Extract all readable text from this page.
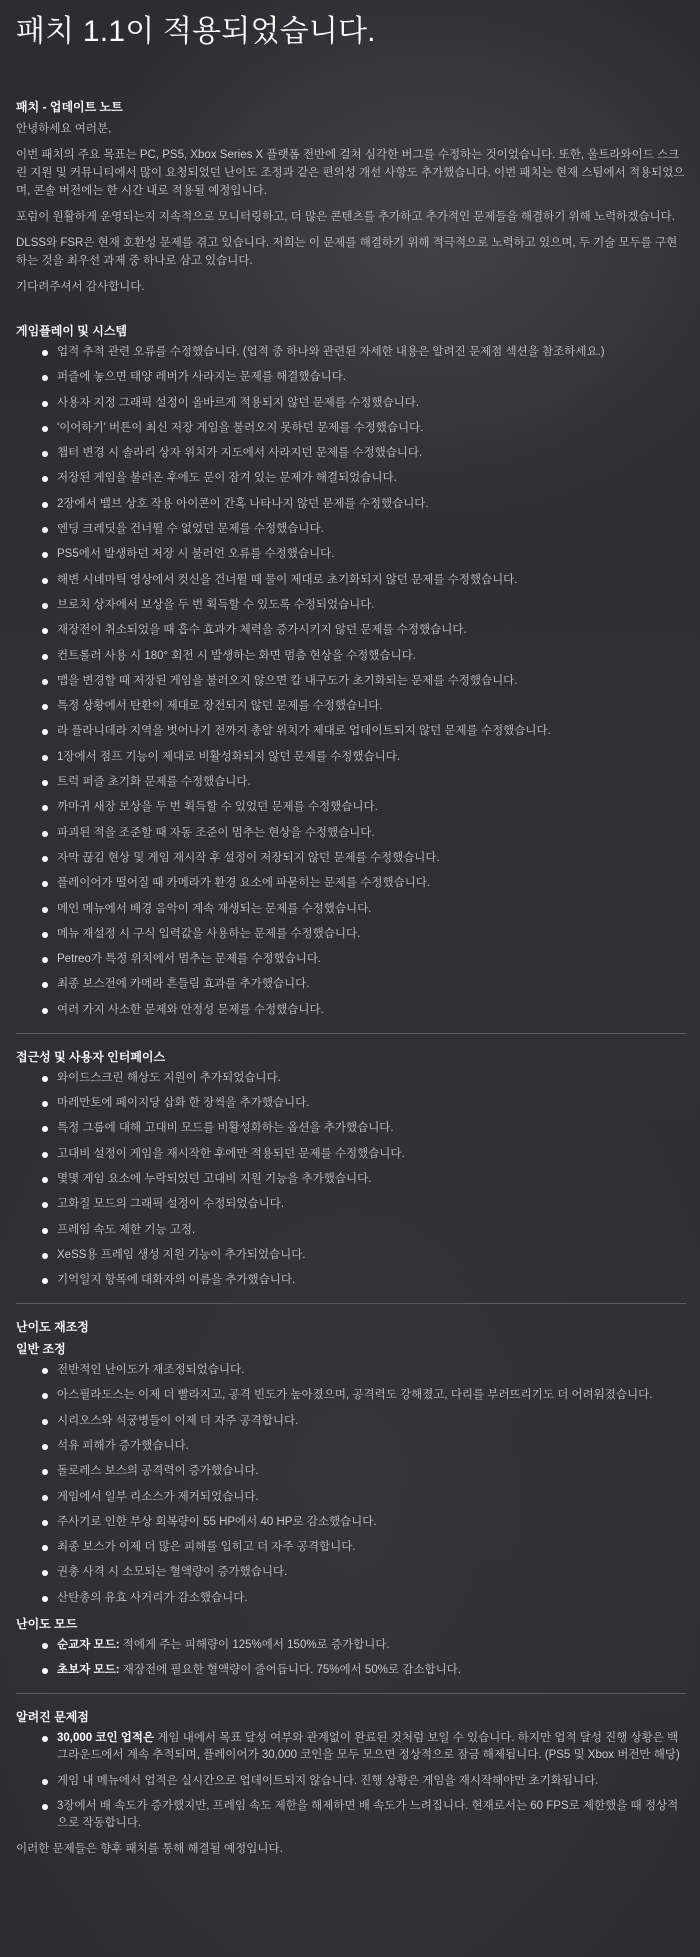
패치 1.1이 적용되었습니다.
패치 - 업데이트 노트

안녕하세요 여러분,

이번 패치의 주요 목표는 PC, PS5, Xbox Series X 플랫폼 전반에 걸쳐 심각한 버그를 수정하는 것이었습니다. 또한, 울트라와이드 스크린 지원 및 커뮤니티에서 많이 요청되었던 난이도 조정과 같은 편의성 개선 사항도 추가했습니다. 이번 패치는 현재 스팀에서 적용되었으며, 콘솔 버전에는 한 시간 내로 적용될 예정입니다.

포럼이 원활하게 운영되는지 지속적으로 모니터링하고, 더 많은 콘텐츠를 추가하고 추가적인 문제들을 해결하기 위해 노력하겠습니다.

DLSS와 FSR은 현재 호환성 문제를 겪고 있습니다. 저희는 이 문제를 해결하기 위해 적극적으로 노력하고 있으며, 두 기술 모두를 구현하는 것을 최우선 과제 중 하나로 삼고 있습니다.

기다려주셔서 감사합니다.

게임플레이 및 시스템
업적 추적 관련 오류를 수정했습니다. (업적 중 하나와 관련된 자세한 내용은 알려진 문제점 섹션을 참조하세요.)
퍼즐에 놓으면 태양 레버가 사라지는 문제를 해결했습니다.
사용자 지정 그래픽 설정이 올바르게 적용되지 않던 문제를 수정했습니다.
'이어하기' 버튼이 최신 저장 게임을 불러오지 못하던 문제를 수정했습니다.
챕터 변경 시 솔라리 상자 위치가 지도에서 사라지던 문제를 수정했습니다.
저장된 게임을 불러온 후에도 문이 잠겨 있는 문제가 해결되었습니다.
2장에서 밸브 상호 작용 아이콘이 간혹 나타나지 않던 문제를 수정했습니다.
엔딩 크레딧을 건너뛸 수 없었던 문제를 수정했습니다.
PS5에서 발생하던 저장 시 불러언 오류를 수정했습니다.
해변 시네마틱 영상에서 컷신을 건너뛸 때 물이 제대로 초기화되지 않던 문제를 수정했습니다.
브로치 상자에서 보상을 두 번 획득할 수 있도록 수정되었습니다.
재장전이 취소되었을 때 흡수 효과가 체력을 증가시키지 않던 문제를 수정했습니다.
컨트롤러 사용 시 180° 회전 시 발생하는 화면 멈춤 현상을 수정했습니다.
맵을 변경할 때 저장된 게임을 불러오지 않으면 칼 내구도가 초기화되는 문제를 수정했습니다.
특정 상황에서 탄환이 제대로 장전되지 않던 문제를 수정했습니다.
라 플라니데라 지역을 벗어나기 전까지 총알 위치가 제대로 업데이트되지 않던 문제를 수정했습니다.
1장에서 점프 기능이 제대로 비활성화되지 않던 문제를 수정했습니다.
트럭 퍼즐 초기화 문제를 수정했습니다.
까마귀 새장 보상을 두 번 획득할 수 있었던 문제를 수정했습니다.
파괴된 적을 조준할 때 자동 조준이 멈추는 현상을 수정했습니다.
자막 끊김 현상 및 게임 재시작 후 설정이 저장되지 않던 문제를 수정했습니다.
플레이어가 떨어질 때 카메라가 환경 요소에 파묻히는 문제를 수정했습니다.
메인 메뉴에서 배경 음악이 계속 재생되는 문제를 수정했습니다.
메뉴 재설정 시 구식 입력값을 사용하는 문제를 수정했습니다.
Petreo가 특정 위치에서 멈추는 문제를 수정했습니다.
최종 보스전에 카메라 흔들림 효과를 추가했습니다.
여러 가지 사소한 문제와 안정성 문제를 수정했습니다.
접근성 및 사용자 인터페이스
와이드스크린 해상도 지원이 추가되었습니다.
마레만토에 페이지당 삽화 한 장씩을 추가했습니다.
특정 그룹에 대해 고대비 모드를 비활성화하는 옵션을 추가했습니다.
고대비 설정이 게임을 재시작한 후에만 적용되던 문제를 수정했습니다.
몇몇 게임 요소에 누락되었던 고대비 지원 기능을 추가했습니다.
고화질 모드의 그래픽 설정이 수정되었습니다.
프레임 속도 제한 기능 고정.
XeSS용 프레임 생성 지원 기능이 추가되었습니다.
기억일지 항목에 대화자의 이름을 추가했습니다.
난이도 재조정
일반 조정
전반적인 난이도가 재조정되었습니다.
아스필라도스는 이제 더 빨라지고, 공격 빈도가 높아졌으며, 공격력도 강해졌고, 다리를 부러뜨리기도 더 어려워졌습니다.
시리오스와 석궁병들이 이제 더 자주 공격합니다.
석유 피해가 증가했습니다.
돌로레스 보스의 공격력이 증가했습니다.
게임에서 일부 리소스가 제거되었습니다.
주사기로 인한 부상 회복량이 55 HP에서 40 HP로 감소했습니다.
최종 보스가 이제 더 많은 피해를 입히고 더 자주 공격합니다.
권총 사격 시 소모되는 혈액량이 증가했습니다.
산탄총의 유효 사거리가 감소했습니다.
난이도 모드
순교자 모드: 적에게 주는 피해량이 125%에서 150%로 증가합니다.
초보자 모드: 재장전에 필요한 혈액량이 줄어듭니다. 75%에서 50%로 감소합니다.
알려진 문제점
30,000 코인 업적은 게임 내에서 목표 달성 여부와 관계없이 완료된 것처럼 보일 수 있습니다. 하지만 업적 달성 진행 상황은 백그라운드에서 계속 추적되며, 플레이어가 30,000 코인을 모두 모으면 정상적으로 잠금 해제됩니다. (PS5 및 Xbox 버전만 해당)
게임 내 메뉴에서 업적은 실시간으로 업데이트되지 않습니다. 진행 상황은 게임을 재시작해야만 초기화됩니다.
3장에서 배 속도가 증가했지만, 프레임 속도 제한을 해제하면 배 속도가 느려집니다. 현재로서는 60 FPS로 제한했을 때 정상적으로 작동합니다.
이러한 문제들은 향후 패치를 통해 해결될 예정입니다.
